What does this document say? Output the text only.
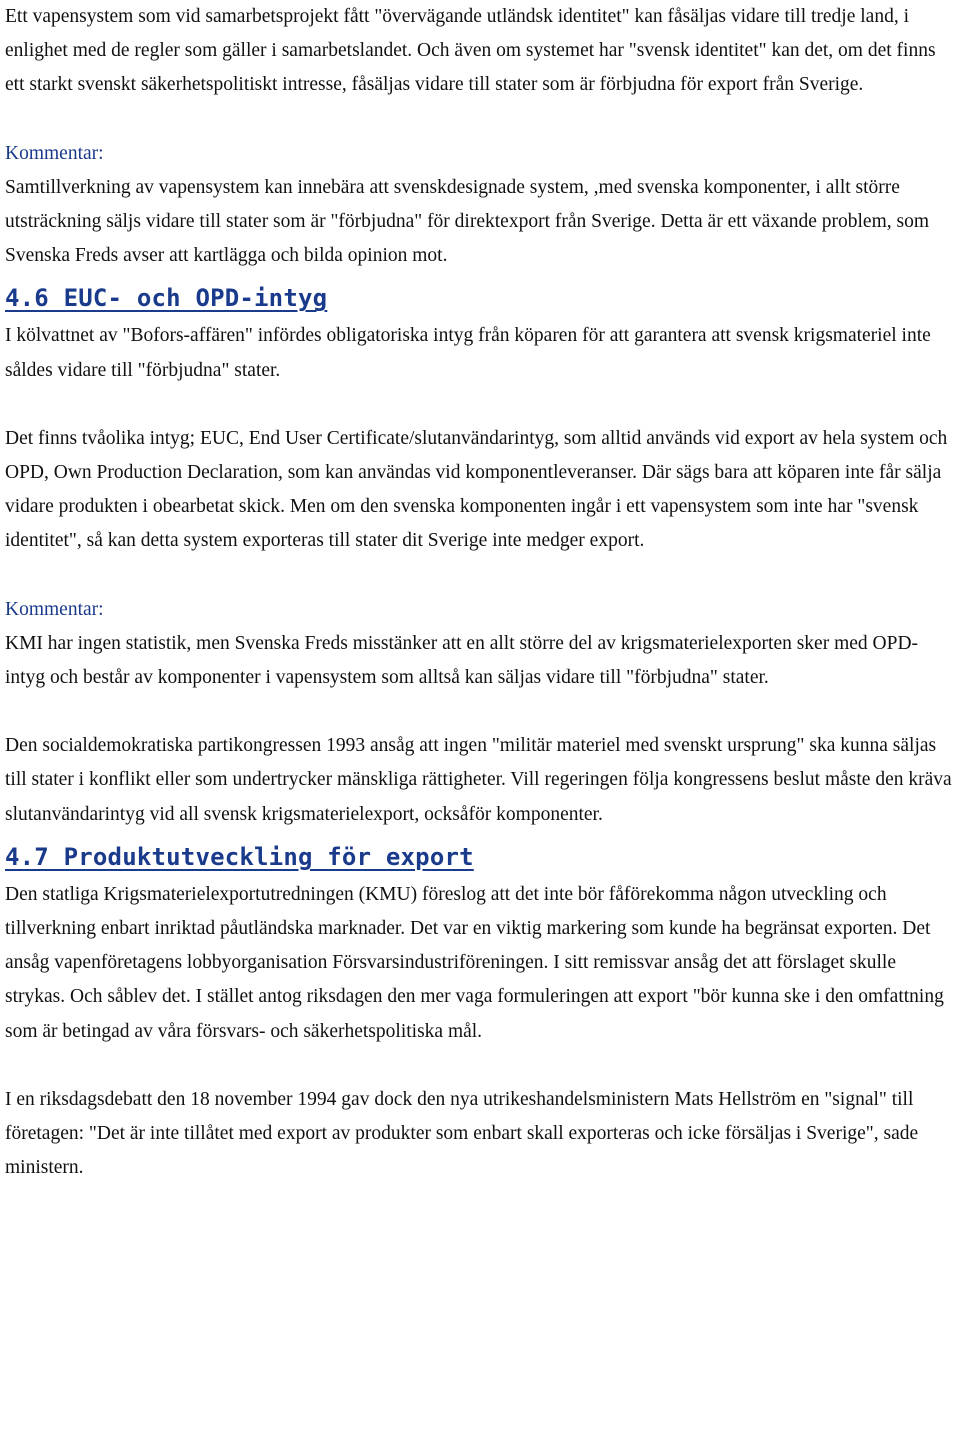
Ett vapensystem som vid samarbetsprojekt fått "övervägande utländsk identitet" kan fåsäljas vidare till tredje land, i enlighet med de regler som gäller i samarbetslandet. Och även om systemet har "svensk identitet" kan det, om det finns ett starkt svenskt säkerhetspolitiskt intresse, fåsäljas vidare till stater som är förbjudna för export från Sverige.

Kommentar:

Samtillverkning av vapensystem kan innebära att svenskdesignade system, ,med svenska komponenter, i allt större utsträckning säljs vidare till stater som är "förbjudna" för direktexport från Sverige. Detta är ett växande problem, som Svenska Freds avser att kartlägga och bilda opinion mot.

4.6 EUC- och OPD-intyg

I kölvattnet av "Bofors-affären" infördes obligatoriska intyg från köparen för att garantera att svensk krigsmateriel inte såldes vidare till "förbjudna" stater.

Det finns tvåolika intyg; EUC, End User Certificate/slutanvändarintyg, som alltid används vid export av hela system och OPD, Own Production Declaration, som kan användas vid komponentleveranser. Där sägs bara att köparen inte får sälja vidare produkten i obearbetat skick. Men om den svenska komponenten ingår i ett vapensystem som inte har "svensk identitet", så kan detta system exporteras till stater dit Sverige inte medger export.

Kommentar:

KMI har ingen statistik, men Svenska Freds misstänker att en allt större del av krigsmaterielexporten sker med OPD-intyg och består av komponenter i vapensystem som alltså kan säljas vidare till "förbjudna" stater.

Den socialdemokratiska partikongressen 1993 ansåg att ingen "militär materiel med svenskt ursprung" ska kunna säljas till stater i konflikt eller som undertrycker mänskliga rättigheter. Vill regeringen följa kongressens beslut måste den kräva slutanvändarintyg vid all svensk krigsmaterielexport, ocksåför komponenter.

4.7 Produktutveckling för export

Den statliga Krigsmaterielexportutredningen (KMU) föreslog att det inte bör fåförekomma någon utveckling och tillverkning enbart inriktad påutländska marknader. Det var en viktig markering som kunde ha begränsat exporten. Det ansåg vapenföretagens lobbyorganisation Försvarsindustriföreningen. I sitt remissvar ansåg det att förslaget skulle strykas. Och såblev det. I stället antog riksdagen den mer vaga formuleringen att export "bör kunna ske i den omfattning som är betingad av våra försvars- och säkerhetspolitiska mål.

I en riksdagsdebatt den 18 november 1994 gav dock den nya utrikeshandelsministern Mats Hellström en "signal" till företagen: "Det är inte tillåtet med export av produkter som enbart skall exporteras och icke försäljas i Sverige", sade ministern.
